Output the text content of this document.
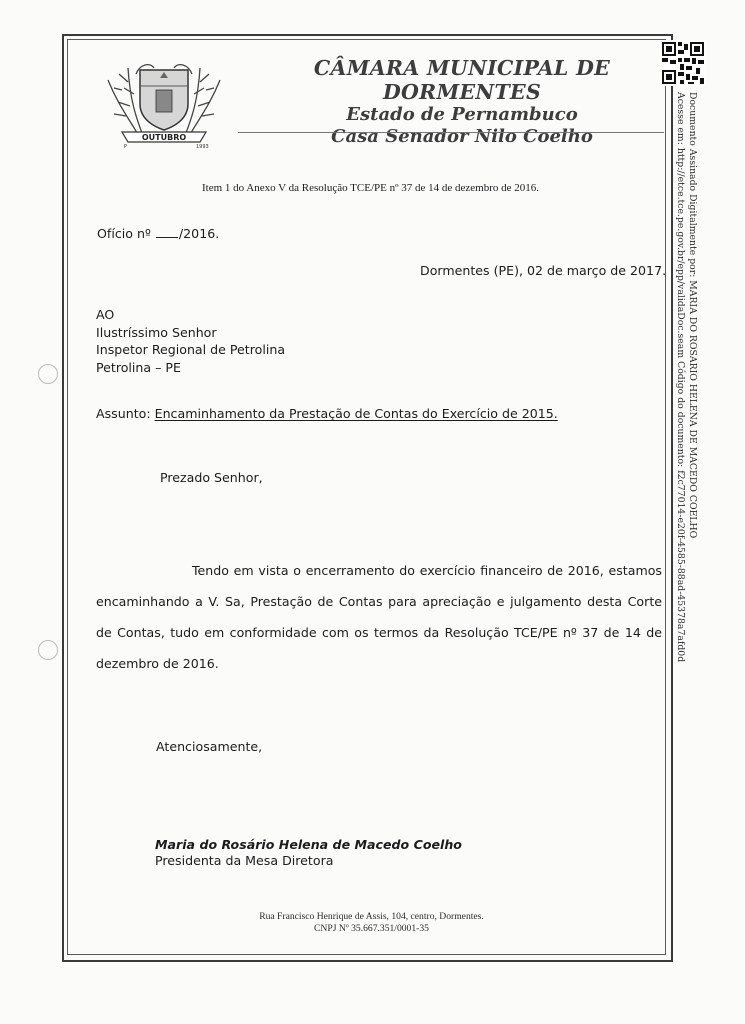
OUTUBRO
1993
P
CÂMARA MUNICIPAL DE DORMENTES
Estado de Pernambuco
Casa Senador Nilo Coelho	Documento Assinado Digitalmente por: MARIA DO ROSARIO HELENA DE MACEDO COELHO
Acesse em: http://etce.tce.pe.gov.br/epp/validaDoc.seam Código do documento: f2c77014-e20f-4585-88ad-45378a7afd0d
Item 1 do Anexo V da Resolução TCE/PE nº 37 de 14 de dezembro de 2016.
Ofício nº /2016.
Dormentes (PE), 02 de março de 2017.
AO
Ilustríssimo Senhor
Inspetor Regional de Petrolina
Petrolina – PE
Assunto: Encaminhamento da Prestação de Contas do Exercício de 2015.
Prezado Senhor,
Tendo em vista o encerramento do exercício financeiro de 2016, estamos encaminhando a V. Sa, Prestação de Contas para apreciação e julgamento desta Corte de Contas, tudo em conformidade com os termos da Resolução TCE/PE nº 37 de 14 de dezembro de 2016.
Atenciosamente,
Maria do Rosário Helena de Macedo Coelho
Presidenta da Mesa Diretora
Rua Francisco Henrique de Assis, 104, centro, Dormentes.
CNPJ Nº 35.667.351/0001-35
